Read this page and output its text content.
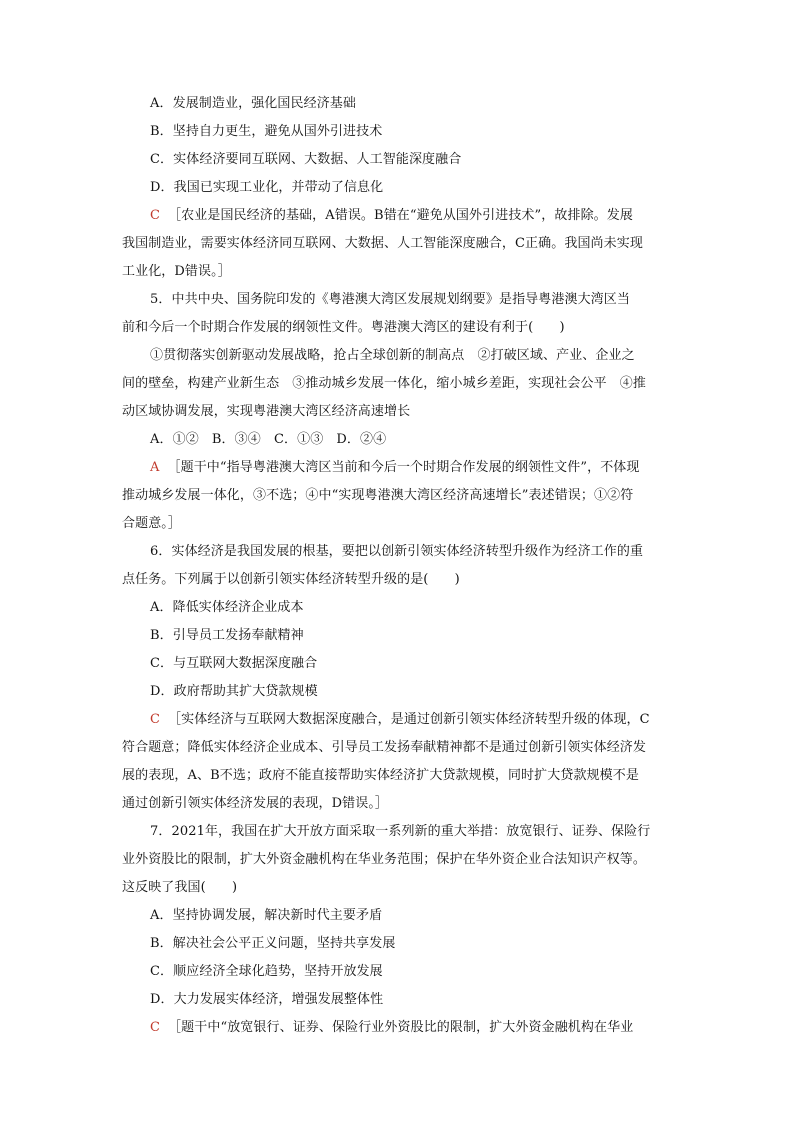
A．发展制造业，强化国民经济基础
B．坚持自力更生，避免从国外引进技术
C．实体经济要同互联网、大数据、人工智能深度融合
D．我国已实现工业化，并带动了信息化
C ［农业是国民经济的基础，A错误。B错在“避免从国外引进技术”，故排除。发展
我国制造业，需要实体经济同互联网、大数据、人工智能深度融合，C正确。我国尚未实现
工业化，D错误。］
5．中共中央、国务院印发的《粤港澳大湾区发展规划纲要》是指导粤港澳大湾区当
前和今后一个时期合作发展的纲领性文件。粤港澳大湾区的建设有利于(　　)
①贯彻落实创新驱动发展战略，抢占全球创新的制高点　②打破区域、产业、企业之
间的壁垒，构建产业新生态　③推动城乡发展一体化，缩小城乡差距，实现社会公平　④推
动区域协调发展，实现粤港澳大湾区经济高速增长
A．①②　B．③④　C．①③　D．②④
A ［题干中“指导粤港澳大湾区当前和今后一个时期合作发展的纲领性文件”，不体现
推动城乡发展一体化，③不选；④中“实现粤港澳大湾区经济高速增长”表述错误；①②符
合题意。］
6．实体经济是我国发展的根基，要把以创新引领实体经济转型升级作为经济工作的重
点任务。下列属于以创新引领实体经济转型升级的是(　　)
A．降低实体经济企业成本
B．引导员工发扬奉献精神
C．与互联网大数据深度融合
D．政府帮助其扩大贷款规模
C ［实体经济与互联网大数据深度融合，是通过创新引领实体经济转型升级的体现，C
符合题意；降低实体经济企业成本、引导员工发扬奉献精神都不是通过创新引领实体经济发
展的表现，A、B不选；政府不能直接帮助实体经济扩大贷款规模，同时扩大贷款规模不是
通过创新引领实体经济发展的表现，D错误。］
7．2021年，我国在扩大开放方面采取一系列新的重大举措：放宽银行、证券、保险行
业外资股比的限制，扩大外资金融机构在华业务范围；保护在华外资企业合法知识产权等。
这反映了我国(　　)
A．坚持协调发展，解决新时代主要矛盾
B．解决社会公平正义问题，坚持共享发展
C．顺应经济全球化趋势，坚持开放发展
D．大力发展实体经济，增强发展整体性
C ［题干中“放宽银行、证券、保险行业外资股比的限制，扩大外资金融机构在华业
